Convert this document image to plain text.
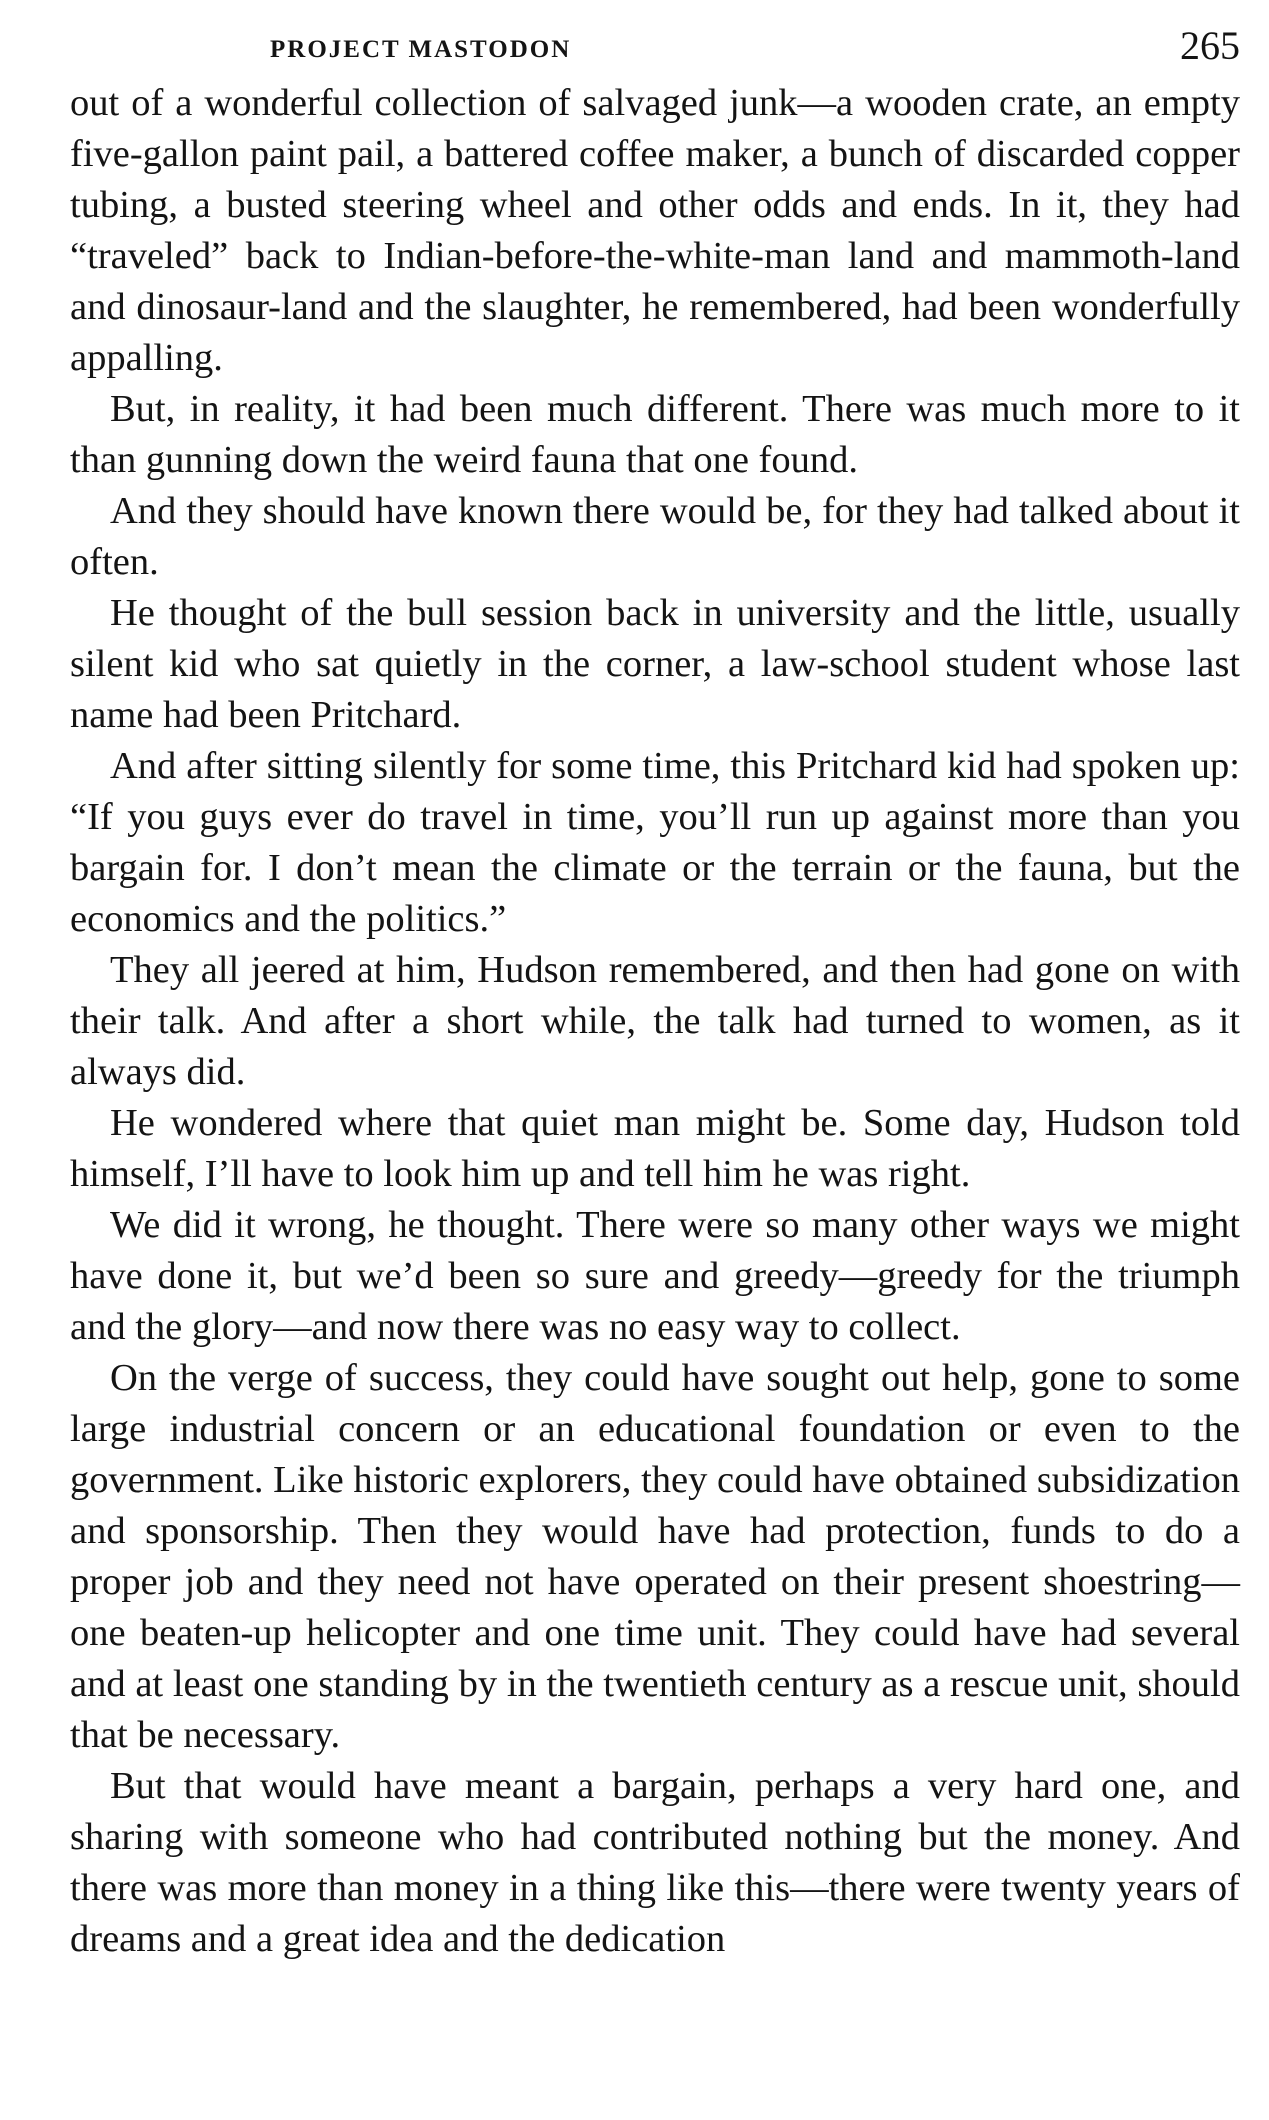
PROJECT MASTODON	265

out of a wonderful collection of salvaged junk—a wooden crate, an empty five-gallon paint pail, a battered coffee maker, a bunch of discarded copper tubing, a busted steering wheel and other odds and ends. In it, they had “traveled” back to Indian-before-the-white-man land and mammoth-land and dinosaur-land and the slaughter, he remembered, had been wonderfully appalling.

But, in reality, it had been much different. There was much more to it than gunning down the weird fauna that one found.

And they should have known there would be, for they had talked about it often.

He thought of the bull session back in university and the little, usually silent kid who sat quietly in the corner, a law-school student whose last name had been Pritchard.

And after sitting silently for some time, this Pritchard kid had spoken up: “If you guys ever do travel in time, you’ll run up against more than you bargain for. I don’t mean the climate or the terrain or the fauna, but the economics and the politics.”

They all jeered at him, Hudson remembered, and then had gone on with their talk. And after a short while, the talk had turned to women, as it always did.

He wondered where that quiet man might be. Some day, Hudson told himself, I’ll have to look him up and tell him he was right.

We did it wrong, he thought. There were so many other ways we might have done it, but we’d been so sure and greedy—greedy for the triumph and the glory—and now there was no easy way to collect.

On the verge of success, they could have sought out help, gone to some large industrial concern or an educational foundation or even to the government. Like historic explorers, they could have obtained subsidization and sponsorship. Then they would have had protection, funds to do a proper job and they need not have operated on their present shoestring—one beaten-up helicopter and one time unit. They could have had several and at least one standing by in the twentieth century as a rescue unit, should that be necessary.

But that would have meant a bargain, perhaps a very hard one, and sharing with someone who had contributed nothing but the money. And there was more than money in a thing like this—there were twenty years of dreams and a great idea and the dedication
